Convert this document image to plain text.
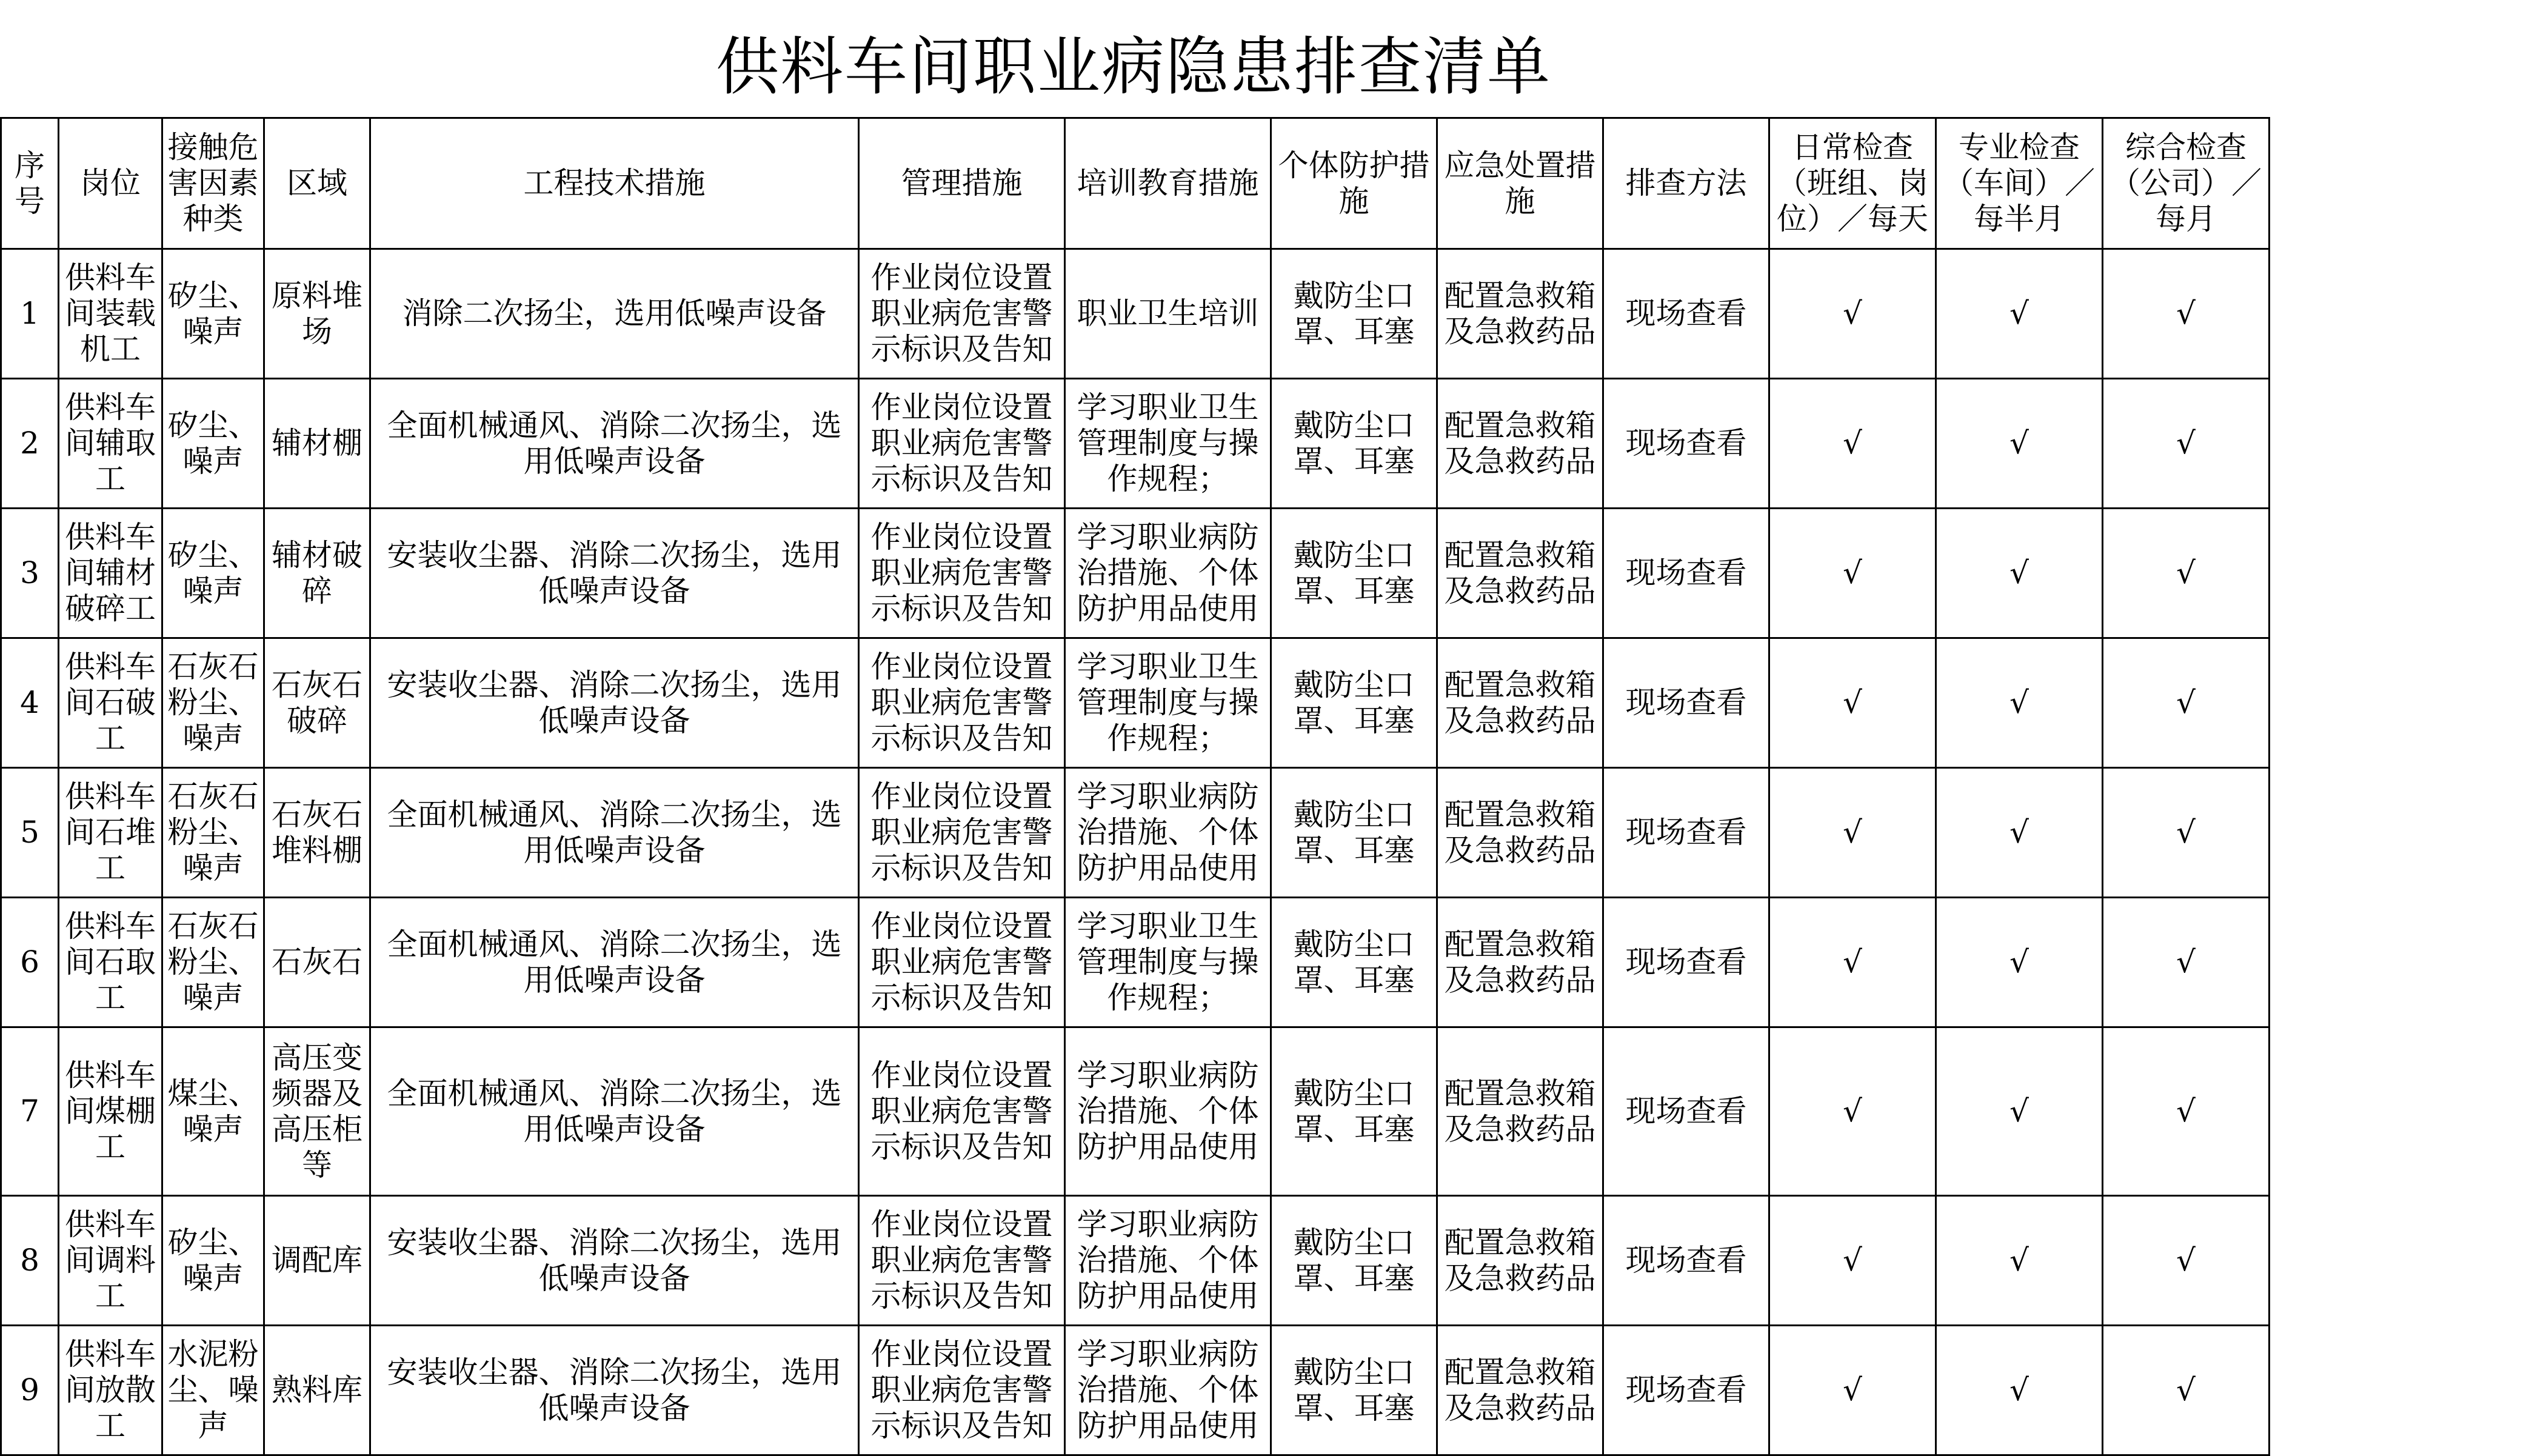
供料车间职业病隐患排查清单
序号	岗位	接触危害因素种类	区域	工程技术措施	管理措施	培训教育措施	个体防护措施	应急处置措施	排查方法	日常检查（班组、岗位）／每天	专业检查（车间）／每半月	综合检查（公司）／每月
1	供料车间装载机工	矽尘、噪声	原料堆场	消除二次扬尘，选用低噪声设备	作业岗位设置职业病危害警示标识及告知	职业卫生培训	戴防尘口罩、耳塞	配置急救箱及急救药品	现场查看	√	√	√
2	供料车间辅取工	矽尘、噪声	辅材棚	全面机械通风、消除二次扬尘，选用低噪声设备	作业岗位设置职业病危害警示标识及告知	学习职业卫生管理制度与操作规程；	戴防尘口罩、耳塞	配置急救箱及急救药品	现场查看	√	√	√
3	供料车间辅材破碎工	矽尘、噪声	辅材破碎	安装收尘器、消除二次扬尘，选用低噪声设备	作业岗位设置职业病危害警示标识及告知	学习职业病防治措施、个体防护用品使用	戴防尘口罩、耳塞	配置急救箱及急救药品	现场查看	√	√	√
4	供料车间石破工	石灰石粉尘、噪声	石灰石破碎	安装收尘器、消除二次扬尘，选用低噪声设备	作业岗位设置职业病危害警示标识及告知	学习职业卫生管理制度与操作规程；	戴防尘口罩、耳塞	配置急救箱及急救药品	现场查看	√	√	√
5	供料车间石堆工	石灰石粉尘、噪声	石灰石堆料棚	全面机械通风、消除二次扬尘，选用低噪声设备	作业岗位设置职业病危害警示标识及告知	学习职业病防治措施、个体防护用品使用	戴防尘口罩、耳塞	配置急救箱及急救药品	现场查看	√	√	√
6	供料车间石取工	石灰石粉尘、噪声	石灰石	全面机械通风、消除二次扬尘，选用低噪声设备	作业岗位设置职业病危害警示标识及告知	学习职业卫生管理制度与操作规程；	戴防尘口罩、耳塞	配置急救箱及急救药品	现场查看	√	√	√
7	供料车间煤棚工	煤尘、噪声	高压变频器及高压柜等	全面机械通风、消除二次扬尘，选用低噪声设备	作业岗位设置职业病危害警示标识及告知	学习职业病防治措施、个体防护用品使用	戴防尘口罩、耳塞	配置急救箱及急救药品	现场查看	√	√	√
8	供料车间调料工	矽尘、噪声	调配库	安装收尘器、消除二次扬尘，选用低噪声设备	作业岗位设置职业病危害警示标识及告知	学习职业病防治措施、个体防护用品使用	戴防尘口罩、耳塞	配置急救箱及急救药品	现场查看	√	√	√
9	供料车间放散工	水泥粉尘、噪声	熟料库	安装收尘器、消除二次扬尘，选用低噪声设备	作业岗位设置职业病危害警示标识及告知	学习职业病防治措施、个体防护用品使用	戴防尘口罩、耳塞	配置急救箱及急救药品	现场查看	√	√	√
